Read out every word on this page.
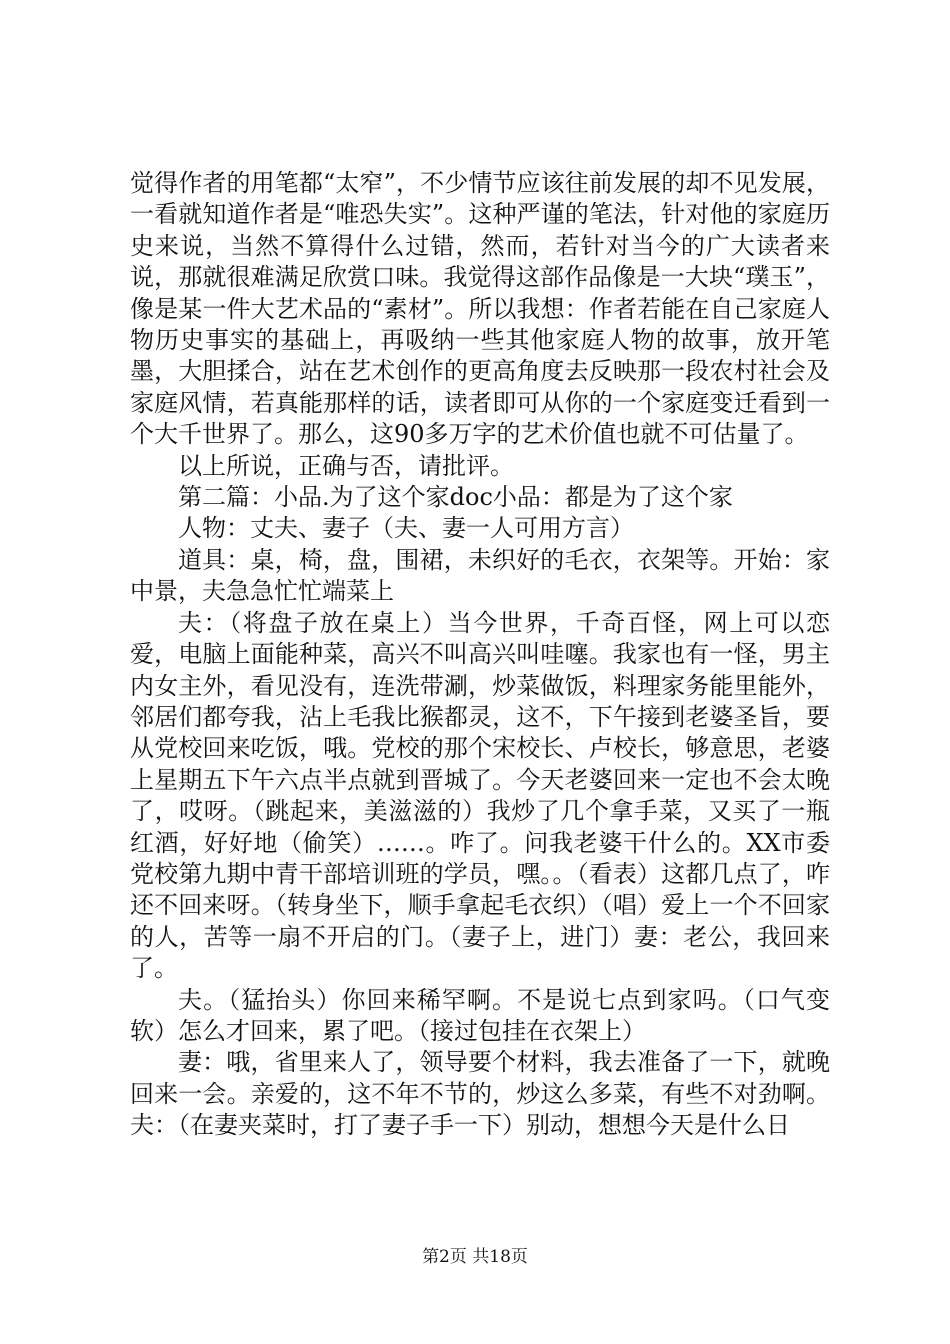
觉得作者的用笔都“太窄”，不少情节应该往前发展的却不见发展，一看就知道作者是“唯恐失实”。这种严谨的笔法，针对他的家庭历史来说，当然不算得什么过错，然而，若针对当今的广大读者来说，那就很难满足欣赏口味。我觉得这部作品像是一大块“璞玉”，像是某一件大艺术品的“素材”。所以我想：作者若能在自己家庭人物历史事实的基础上，再吸纳一些其他家庭人物的故事，放开笔墨，大胆揉合，站在艺术创作的更高角度去反映那一段农村社会及家庭风情，若真能那样的话，读者即可从你的一个家庭变迁看到一个大千世界了。那么，这90多万字的艺术价值也就不可估量了。

以上所说，正确与否，请批评。

第二篇：小品.为了这个家doc小品：都是为了这个家

人物：丈夫、妻子（夫、妻一人可用方言）

道具：桌，椅，盘，围裙，未织好的毛衣，衣架等。开始：家中景，夫急急忙忙端菜上

夫：（将盘子放在桌上）当今世界，千奇百怪，网上可以恋爱，电脑上面能种菜，高兴不叫高兴叫哇噻。我家也有一怪，男主内女主外，看见没有，连洗带涮，炒菜做饭，料理家务能里能外，邻居们都夸我，沾上毛我比猴都灵，这不，下午接到老婆圣旨，要从党校回来吃饭，哦。党校的那个宋校长、卢校长，够意思，老婆上星期五下午六点半点就到晋城了。今天老婆回来一定也不会太晚了，哎呀。（跳起来，美滋滋的）我炒了几个拿手菜，又买了一瓶红酒，好好地（偷笑）……。咋了。问我老婆干什么的。XX市委党校第九期中青干部培训班的学员，嘿。。（看表）这都几点了，咋还不回来呀。（转身坐下，顺手拿起毛衣织）（唱）爱上一个不回家的人，苦等一扇不开启的门。（妻子上，进门）妻：老公，我回来了。

夫。（猛抬头）你回来稀罕啊。不是说七点到家吗。（口气变软）怎么才回来，累了吧。（接过包挂在衣架上）

妻：哦，省里来人了，领导要个材料，我去准备了一下，就晚回来一会。亲爱的，这不年不节的，炒这么多菜，有些不对劲啊。夫：（在妻夹菜时，打了妻子手一下）别动，想想今天是什么日

第2页 共18页
